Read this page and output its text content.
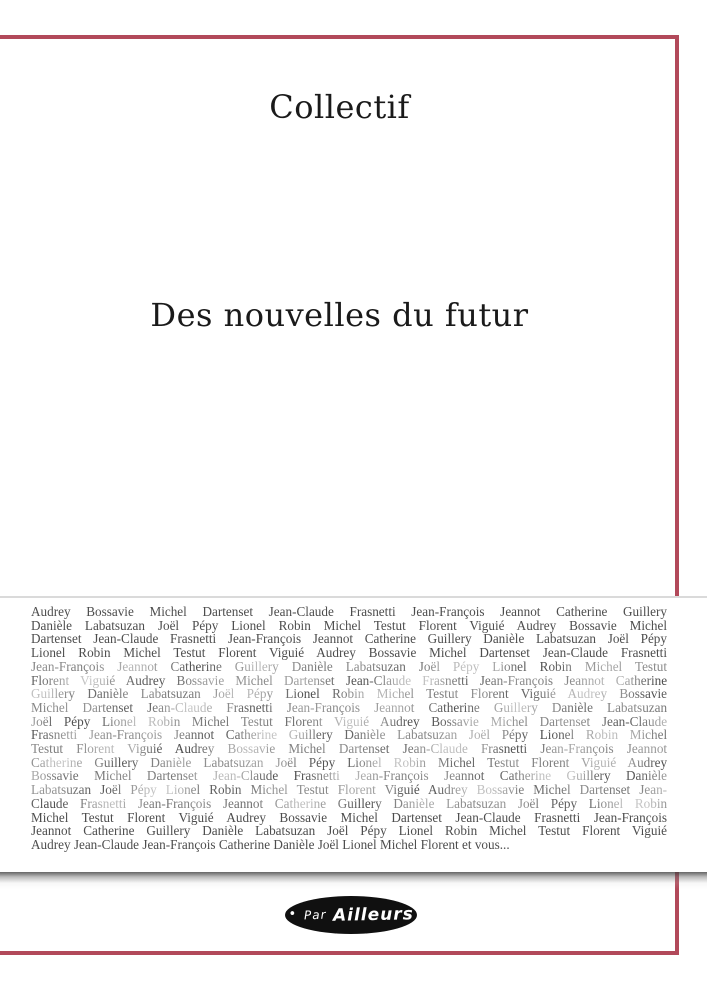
Collectif
Des nouvelles du futur
Audrey Bossavie Michel Dartenset Jean-Claude Frasnetti Jean-François Jeannot Catherine Guillery
Danièle Labatsuzan Joël Pépy Lionel Robin Michel Testut Florent Viguié Audrey Bossavie Michel
Dartenset Jean-Claude Frasnetti Jean-François Jeannot Catherine Guillery Danièle Labatsuzan Joël Pépy
Lionel Robin Michel Testut Florent Viguié Audrey Bossavie Michel Dartenset Jean-Claude Frasnetti
Jean-François Jeannot Catherine Guillery Danièle Labatsuzan Joël Pépy Lionel Robin Michel Testut
Florent Viguié Audrey Bossavie Michel Dartenset Jean-Claude Frasnetti Jean-François Jeannot Catherine
Guillery Danièle Labatsuzan Joël Pépy Lionel Robin Michel Testut Florent Viguié Audrey Bossavie
Michel Dartenset Jean-Claude Frasnetti Jean-François Jeannot Catherine Guillery Danièle Labatsuzan
Joël Pépy Lionel Robin Michel Testut Florent Viguié Audrey Bossavie Michel Dartenset Jean-Claude
Frasnetti Jean-François Jeannot Catherine Guillery Danièle Labatsuzan Joël Pépy Lionel Robin Michel
Testut Florent Viguié Audrey Bossavie Michel Dartenset Jean-Claude Frasnetti Jean-François Jeannot
Catherine Guillery Danièle Labatsuzan Joël Pépy Lionel Robin Michel Testut Florent Viguié Audrey
Bossavie Michel Dartenset Jean-Claude Frasnetti Jean-François Jeannot Catherine Guillery Danièle
Labatsuzan Joël Pépy Lionel Robin Michel Testut Florent Viguié Audrey Bossavie Michel Dartenset Jean-
Claude Frasnetti Jean-François Jeannot Catherine Guillery Danièle Labatsuzan Joël Pépy Lionel Robin
Michel Testut Florent Viguié Audrey Bossavie Michel Dartenset Jean-Claude Frasnetti Jean-François
Jeannot Catherine Guillery Danièle Labatsuzan Joël Pépy Lionel Robin Michel Testut Florent Viguié
Audrey Jean-Claude Jean-François Catherine Danièle Joël Lionel Michel Florent et vous...
• Par Ailleurs
